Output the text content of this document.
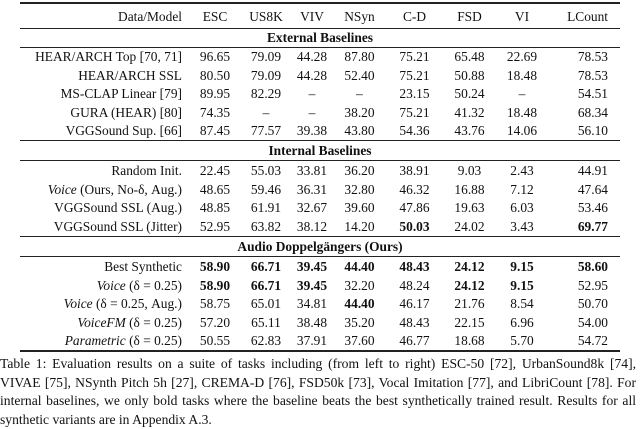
Data/Model	ESC	US8K	VIV	NSyn	C-D	FSD	VI	LCount
External Baselines
HEAR/ARCH Top [70, 71]	96.65	79.09	44.28	87.80	75.21	65.48	22.69	78.53
HEAR/ARCH SSL	80.50	79.09	44.28	52.40	75.21	50.88	18.48	78.53
MS-CLAP Linear [79]	89.95	82.29	–	–	23.15	50.24	–	54.51
GURA (HEAR) [80]	74.35	–	–	38.20	75.21	41.32	18.48	68.34
VGGSound Sup. [66]	87.45	77.57	39.38	43.80	54.36	43.76	14.06	56.10
Internal Baselines
Random Init.	22.45	55.03	33.81	36.20	38.91	9.03	2.43	44.91
Voice (Ours, No-δ, Aug.)	48.65	59.46	36.31	32.80	46.32	16.88	7.12	47.64
VGGSound SSL (Aug.)	48.85	61.91	32.67	39.60	47.86	19.63	6.03	53.46
VGGSound SSL (Jitter)	52.95	63.82	38.12	14.20	50.03	24.02	3.43	69.77
Audio Doppelgängers (Ours)
Best Synthetic	58.90	66.71	39.45	44.40	48.43	24.12	9.15	58.60
Voice (δ = 0.25)	58.90	66.71	39.45	32.20	48.24	24.12	9.15	52.95
Voice (δ = 0.25, Aug.)	58.75	65.01	34.81	44.40	46.17	21.76	8.54	50.70
VoiceFM (δ = 0.25)	57.20	65.11	38.48	35.20	48.43	22.15	6.96	54.00
Parametric (δ = 0.25)	50.55	62.83	37.91	37.60	46.77	18.68	5.70	54.72
Table 1: Evaluation results on a suite of tasks including (from left to right) ESC-50 [72], UrbanSound8k [74], VIVAE [75], NSynth Pitch 5h [27], CREMA-D [76], FSD50k [73], Vocal Imitation [77], and LibriCount [78]. For internal baselines, we only bold tasks where the baseline beats the best synthetically trained result. Results for all synthetic variants are in Appendix A.3.
